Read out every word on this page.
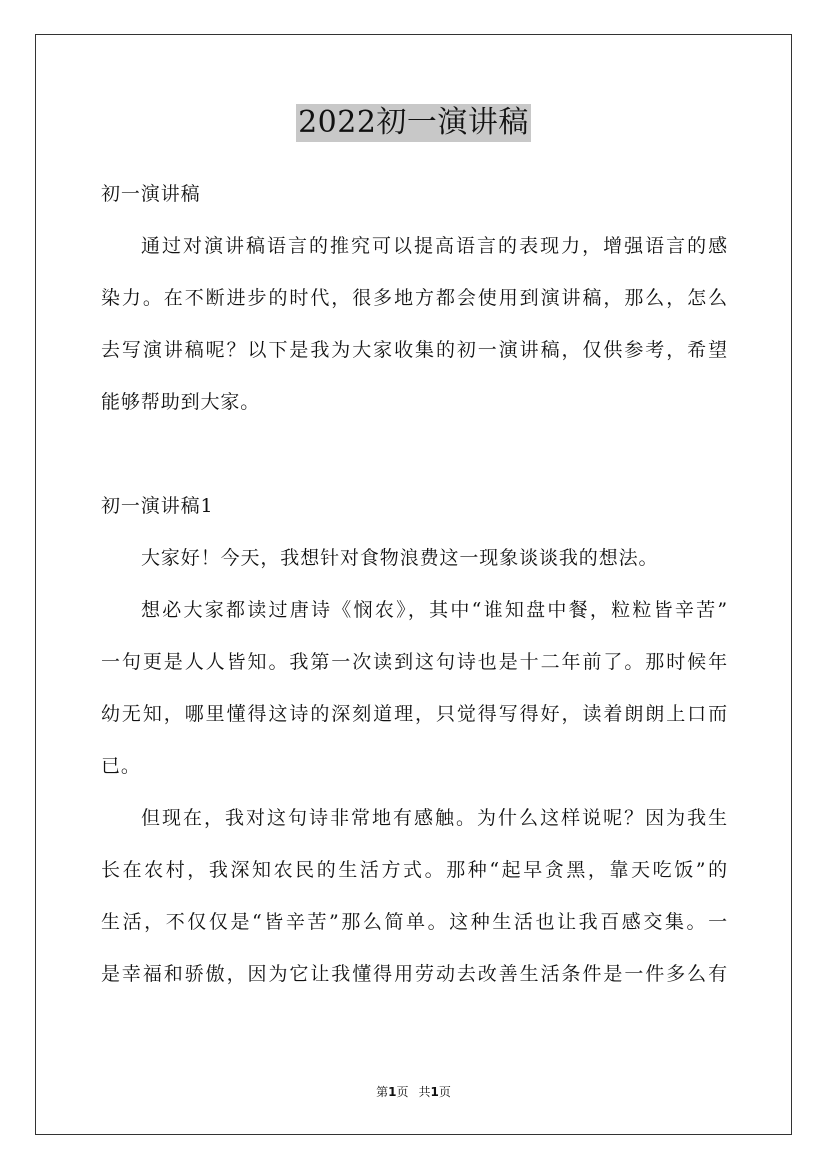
2022初一演讲稿
初一演讲稿
通过对演讲稿语言的推究可以提高语言的表现力，增强语言的感
染力。在不断进步的时代，很多地方都会使用到演讲稿，那么，怎么
去写演讲稿呢？以下是我为大家收集的初一演讲稿，仅供参考，希望
能够帮助到大家。
初一演讲稿1
大家好！今天，我想针对食物浪费这一现象谈谈我的想法。
想必大家都读过唐诗《悯农》，其中“谁知盘中餐，粒粒皆辛苦”
一句更是人人皆知。我第一次读到这句诗也是十二年前了。那时候年
幼无知，哪里懂得这诗的深刻道理，只觉得写得好，读着朗朗上口而
已。
但现在，我对这句诗非常地有感触。为什么这样说呢？因为我生
长在农村，我深知农民的生活方式。那种“起早贪黑，靠天吃饭”的
生活，不仅仅是“皆辛苦”那么简单。这种生活也让我百感交集。一
是幸福和骄傲，因为它让我懂得用劳动去改善生活条件是一件多么有
第1页 共1页
